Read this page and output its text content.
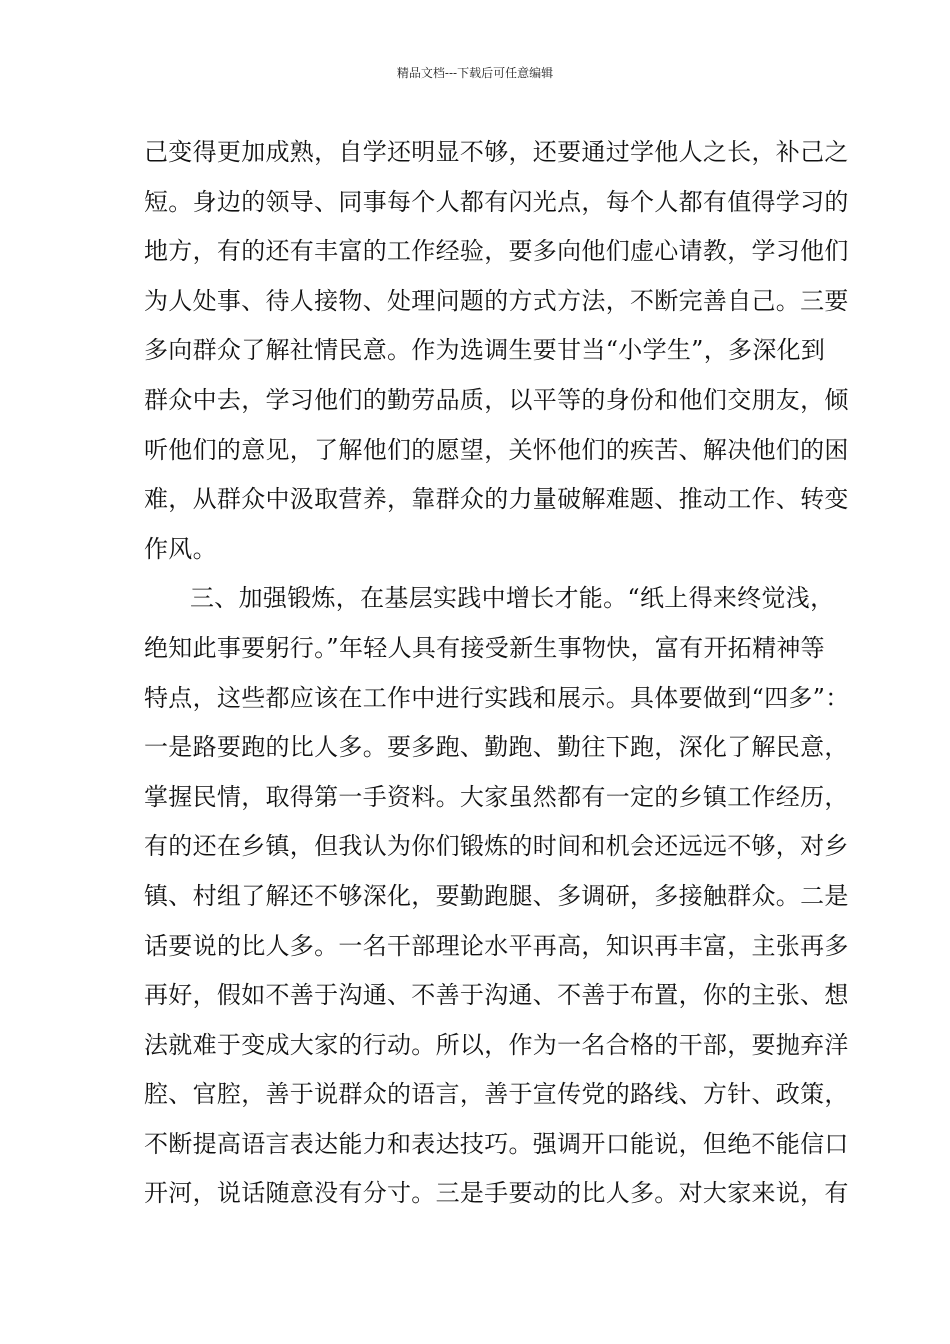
精品文档---下载后可任意编辑
己变得更加成熟，自学还明显不够，还要通过学他人之长，补己之
短。身边的领导、同事每个人都有闪光点，每个人都有值得学习的
地方，有的还有丰富的工作经验，要多向他们虚心请教，学习他们
为人处事、待人接物、处理问题的方式方法，不断完善自己。三要
多向群众了解社情民意。作为选调生要甘当“小学生”，多深化到
群众中去，学习他们的勤劳品质，以平等的身份和他们交朋友，倾
听他们的意见，了解他们的愿望，关怀他们的疾苦、解决他们的困
难，从群众中汲取营养，靠群众的力量破解难题、推动工作、转变
作风。
三、加强锻炼，在基层实践中增长才能。“纸上得来终觉浅，
绝知此事要躬行。”年轻人具有接受新生事物快，富有开拓精神等
特点，这些都应该在工作中进行实践和展示。具体要做到“四多”：
一是路要跑的比人多。要多跑、勤跑、勤往下跑，深化了解民意，
掌握民情，取得第一手资料。大家虽然都有一定的乡镇工作经历，
有的还在乡镇，但我认为你们锻炼的时间和机会还远远不够，对乡
镇、村组了解还不够深化，要勤跑腿、多调研，多接触群众。二是
话要说的比人多。一名干部理论水平再高，知识再丰富，主张再多
再好，假如不善于沟通、不善于沟通、不善于布置，你的主张、想
法就难于变成大家的行动。所以，作为一名合格的干部，要抛弃洋
腔、官腔，善于说群众的语言，善于宣传党的路线、方针、政策，
不断提高语言表达能力和表达技巧。强调开口能说，但绝不能信口
开河，说话随意没有分寸。三是手要动的比人多。对大家来说，有
